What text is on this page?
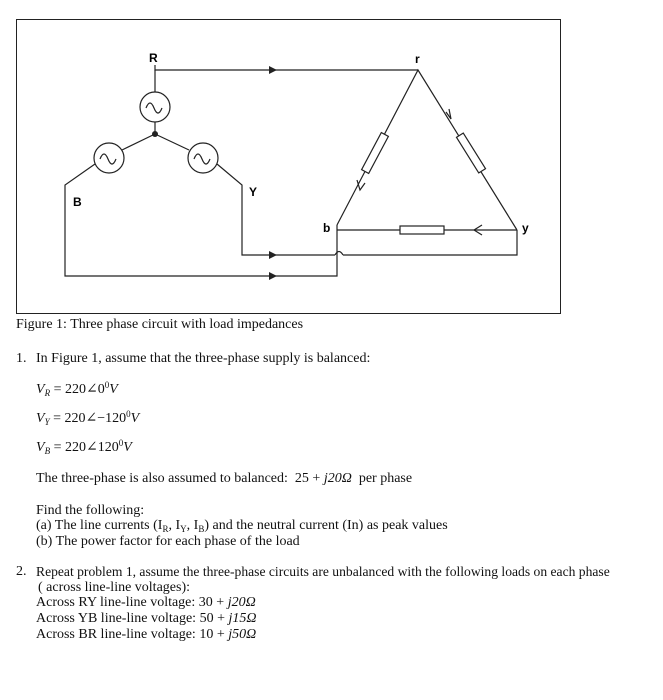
R
B
Y
r
b	y
Figure 1: Three phase circuit with load impedances
1. In Figure 1, assume that the three-phase supply is balanced:
$V_R$ = $220\angle 0^0V$
$V_Y$ = $220\angle-120^0V$
$V_B$ = $220\angle 120^0V$
The three-phase is also assumed to balanced: 25 + j20Ω per phase
Find the following:
(a) The line currents ($I_R$, $I_Y$, $I_B$) and the neutral current (In) as peak values
(b) The power factor for each phase of the load
2. Repeat problem 1, assume the three-phase circuits are unbalanced with the following loads on each phase
( across line-line voltages):
Across RY line-line voltage: 30 + j20Ω
Across YB line-line voltage: 50 + j15Ω
Across BR line-line voltage: 10 + j50Ω
